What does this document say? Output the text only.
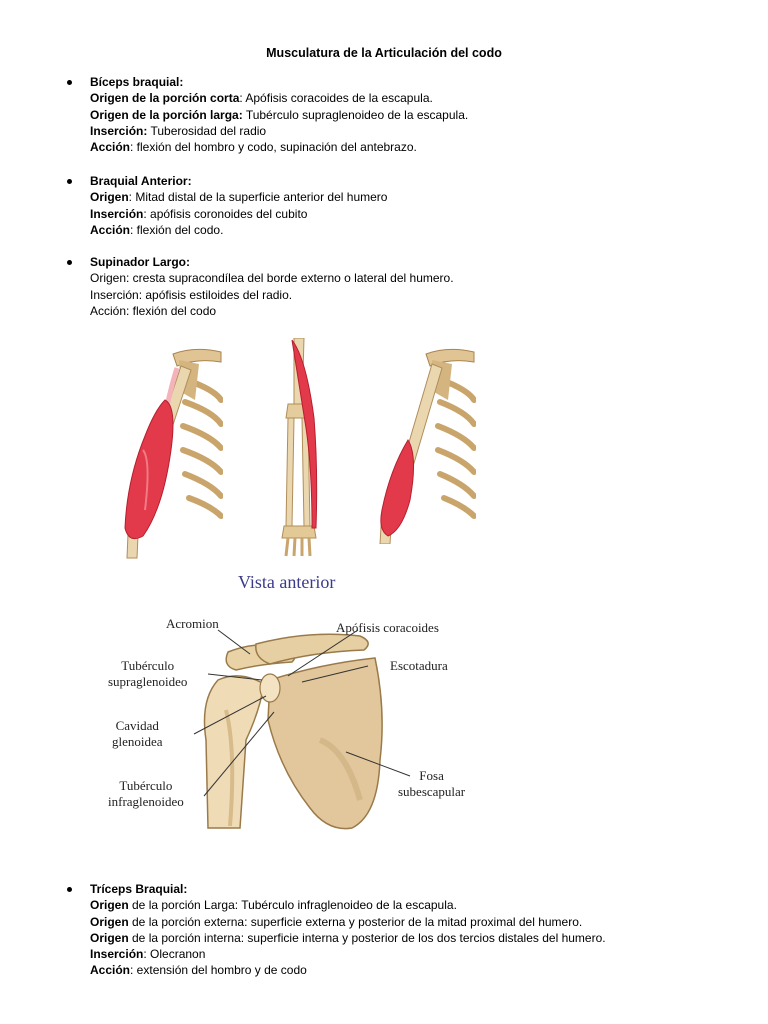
Musculatura de la Articulación del codo
Bíceps braquial:
Origen de la porción corta: Apófisis coracoides de la escapula.
Origen de la porción larga: Tubérculo supraglenoideo de la escapula.
Inserción: Tuberosidad del radio
Acción: flexión del hombro y codo, supinación del antebrazo.
Braquial Anterior:
Origen: Mitad distal de la superficie anterior del humero
Inserción: apófisis coronoides del cubito
Acción: flexión del codo.
Supinador Largo:
Origen: cresta supracondílea del borde externo o lateral del humero.
Inserción: apófisis estiloides del radio.
Acción: flexión del codo
Vista anterior
Acromion	Apófisis coracoides
Tubérculo
supraglenoideo
Escotadura
Cavidad
glenoidea
Tubérculo
infraglenoideo
Fosa
subescapular
Tríceps Braquial:
Origen de la porción Larga: Tubérculo infraglenoideo de la escapula.
Origen de la porción externa: superficie externa y posterior de la mitad proximal del humero.
Origen de la porción interna: superficie interna y posterior de los dos tercios distales del humero.
Inserción: Olecranon
Acción: extensión del hombro y de codo
